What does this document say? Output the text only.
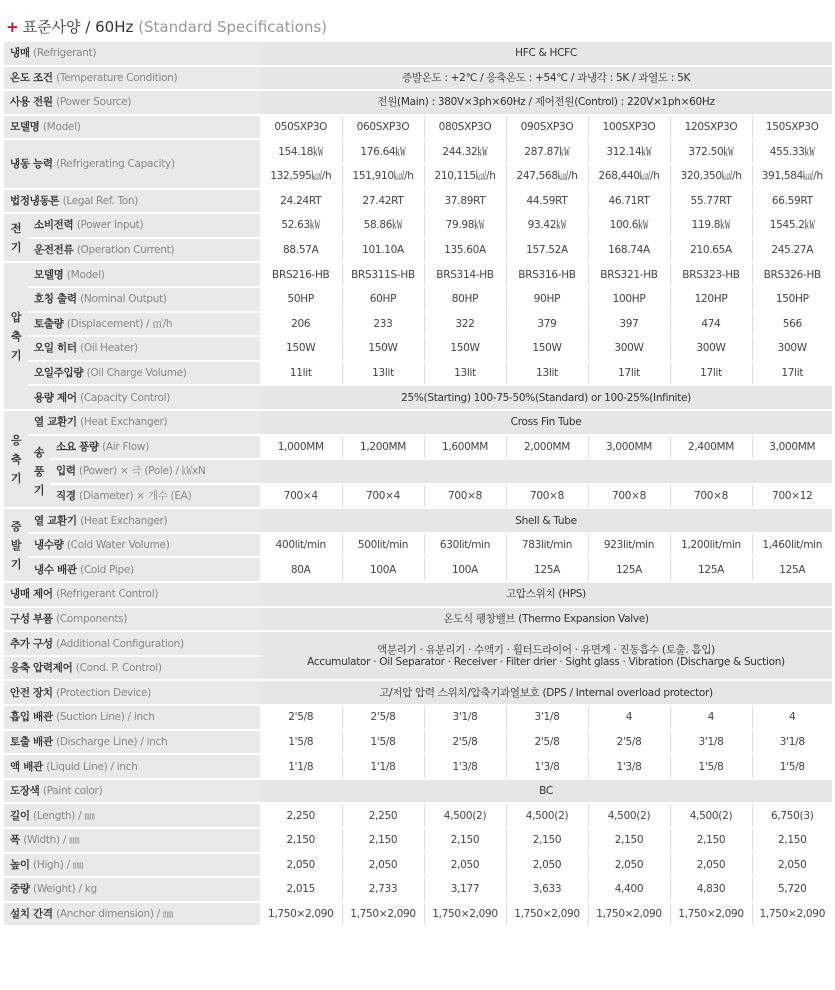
+ 표준사양 / 60Hz (Standard Specifications)
냉매 (Refrigerant)			HFC & HCFC						
온도 조건 (Temperature Condition)			증발온도 : +2℃ / 응축온도 : +54℃ / 과냉각 : 5K / 과열도 : 5K						
사용 전원 (Power Source)			전원(Main) : 380V×3ph×60Hz / 제어전원(Control) : 220V×1ph×60Hz						
모델명 (Model)			050SXP3O	060SXP3O	080SXP3O	090SXP3O	100SXP3O	120SXP3O	150SXP3O
냉동 능력 (Refrigerating Capacity)			154.18㎾	176.64㎾	244.32㎾	287.87㎾	312.14㎾	372.50㎾	455.33㎾
			132,595㎉/h	151,910㎉/h	210,115㎉/h	247,568㎉/h	268,440㎉/h	320,350㎉/h	391,584㎉/h
법정냉동톤 (Legal Ref. Ton)			24.24RT	27.42RT	37.89RT	44.59RT	46.71RT	55.77RT	66.59RT

전
기	소비전력 (Power Input)		52.63㎾	58.86㎾	79.98㎾	93.42㎾	100.6㎾	119.8㎾	1545.2㎾
	운전전류 (Operation Current)		88.57A	101.10A	135.60A	157.52A	168.74A	210.65A	245.27A

압
축
기	모델명 (Model)		BRS216-HB	BRS311S-HB	BRS314-HB	BRS316-HB	BRS321-HB	BRS323-HB	BRS326-HB
	호칭 출력 (Nominal Output)		50HP	60HP	80HP	90HP	100HP	120HP	150HP
	토출량 (Displacement) / ㎥/h		206	233	322	379	397	474	566
	오일 히터 (Oil Heater)		150W	150W	150W	150W	300W	300W	300W
	오일주입량 (Oil Charge Volume)		11lit	13lit	13lit	13lit	17lit	17lit	17lit
	용량 제어 (Capacity Control)		25%(Starting) 100-75-50%(Standard) or 100-25%(Infinite)						

응
축
기	열 교환기 (Heat Exchanger)		Cross Fin Tube						

	송
풍
기	소요 풍량 (Air Flow)	1,000MM	1,200MM	1,600MM	2,000MM	3,000MM	2,400MM	3,000MM
		입력 (Power) × 극 (Pole) / ㎾xN							
		직경 (Diameter) × 개수 (EA)	700×4	700×4	700×8	700×8	700×8	700×8	700×12

증
발
기	열 교환기 (Heat Exchanger)		Shell & Tube						
	냉수량 (Cold Water Volume)		400lit/min	500lit/min	630lit/min	783lit/min	923lit/min	1,200lit/min	1,460lit/min
	냉수 배관 (Cold Pipe)		80A	100A	100A	125A	125A	125A	125A
냉매 제어 (Refrigerant Control)			고압스위치 (HPS)						
구성 부품 (Components)			온도식 팽창밸브 (Thermo Expansion Valve)						
추가 구성 (Additional Configuration)			액분리기 · 유분리기 · 수액기 · 휠터드라이어 · 유면계 · 진동흡수 (토출. 흡입)
Accumulator · Oil Separator · Receiver · Filter drier · Sight glass · Vibration (Discharge & Suction)						

응축 압력제어 (Cond. P. Control)									
안전 장치 (Protection Device)			고/저압 압력 스위치/압축기과열보호 (DPS / Internal overload protector)						
흡입 배관 (Suction Line) / inch			2'5/8	2'5/8	3'1/8	3'1/8	4	4	4
토출 배관 (Discharge Line) / inch			1'5/8	1'5/8	2'5/8	2'5/8	2'5/8	3'1/8	3'1/8
액 배관 (Liquid Line) / inch			1'1/8	1'1/8	1'3/8	1'3/8	1'3/8	1'5/8	1'5/8
도장색 (Paint color)			BC						
길이 (Length) / ㎜			2,250	2,250	4,500(2)	4,500(2)	4,500(2)	4,500(2)	6,750(3)
폭 (Width) / ㎜			2,150	2,150	2,150	2,150	2,150	2,150	2,150
높이 (High) / ㎜			2,050	2,050	2,050	2,050	2,050	2,050	2,050
중량 (Weight) / kg			2,015	2,733	3,177	3,633	4,400	4,830	5,720
설치 간격 (Anchor dimension) / ㎜			1,750×2,090	1,750×2,090	1,750×2,090	1,750×2,090	1,750×2,090	1,750×2,090	1,750×2,090
